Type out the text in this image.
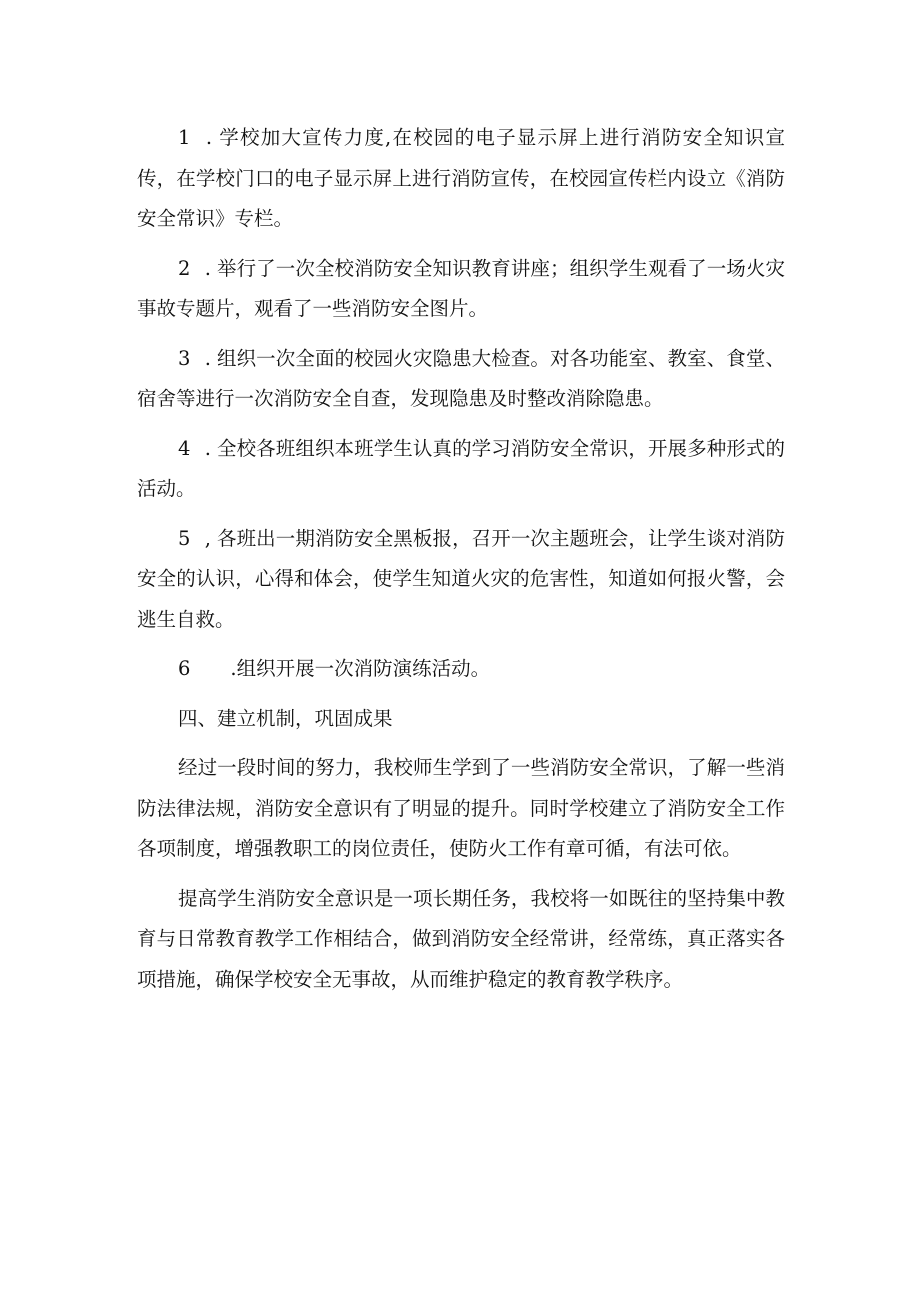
1 . 学校加大宣传力度,在校园的电子显示屏上进行消防安全知识宣传，在学校门口的电子显示屏上进行消防宣传，在校园宣传栏内设立《消防安全常识》专栏。

2 . 举行了一次全校消防安全知识教育讲座；组织学生观看了一场火灾事故专题片，观看了一些消防安全图片。

3 . 组织一次全面的校园火灾隐患大检查。对各功能室、教室、食堂、宿舍等进行一次消防安全自查，发现隐患及时整改消除隐患。

4 . 全校各班组织本班学生认真的学习消防安全常识，开展多种形式的活动。

5 , 各班出一期消防安全黑板报，召开一次主题班会，让学生谈对消防安全的认识，心得和体会，使学生知道火灾的危害性，知道如何报火警，会逃生自救。

6 .组织开展一次消防演练活动。

四、建立机制，巩固成果

经过一段时间的努力，我校师生学到了一些消防安全常识，了解一些消防法律法规，消防安全意识有了明显的提升。同时学校建立了消防安全工作各项制度，增强教职工的岗位责任，使防火工作有章可循，有法可依。

提高学生消防安全意识是一项长期任务，我校将一如既往的坚持集中教育与日常教育教学工作相结合，做到消防安全经常讲，经常练，真正落实各项措施，确保学校安全无事故，从而维护稳定的教育教学秩序。
